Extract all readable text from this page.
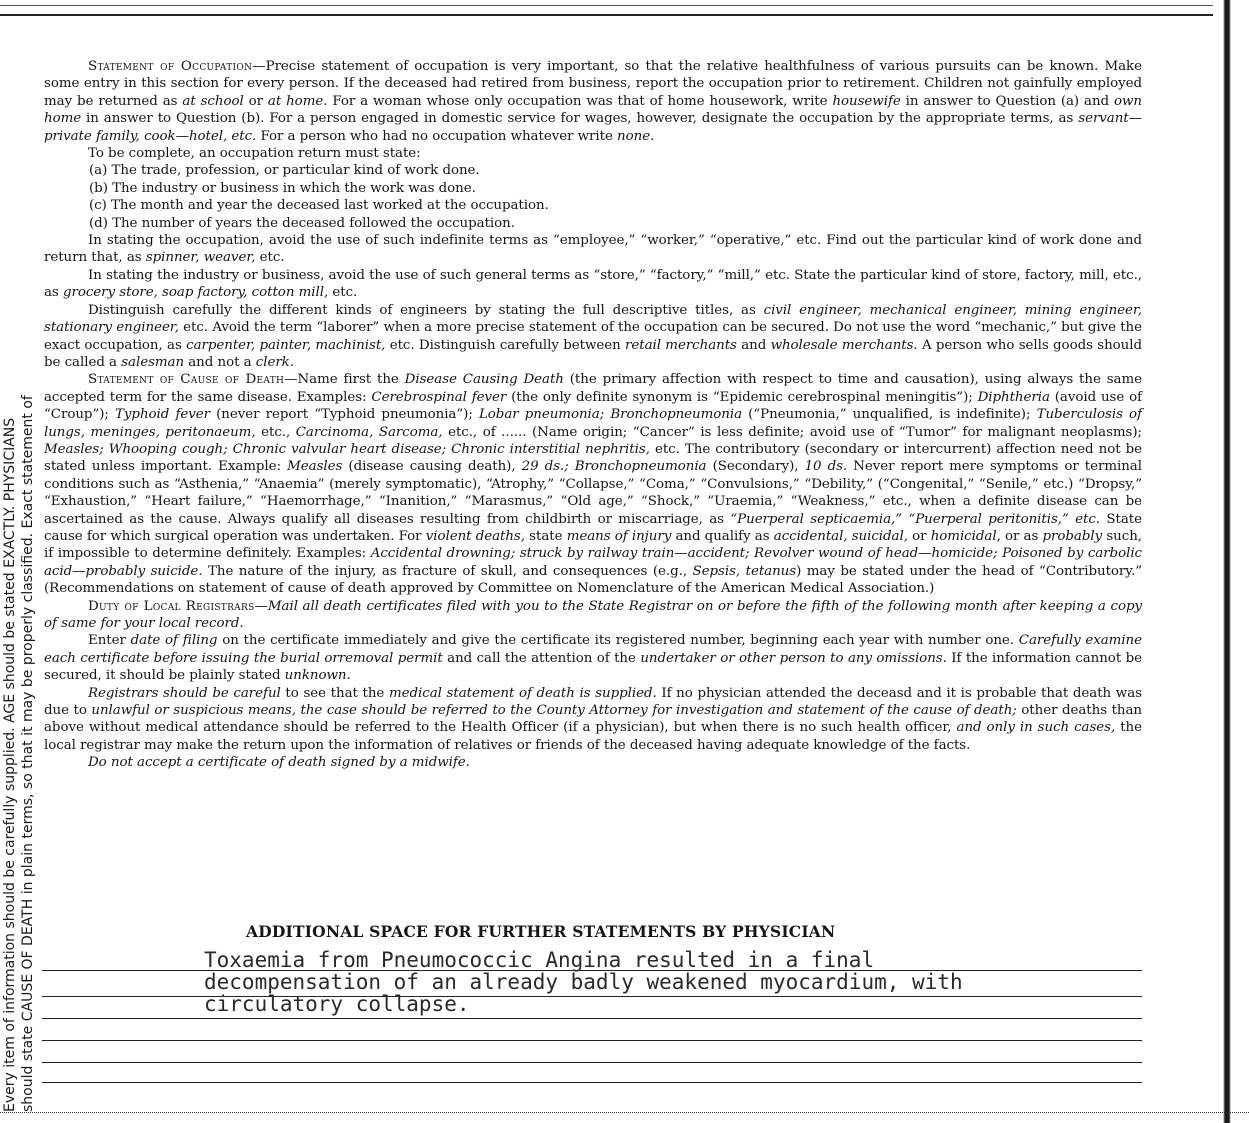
Every item of information should be carefully supplied. AGE should be stated EXACTLY. PHYSICIANS should state CAUSE OF DEATH in plain terms, so that it may be properly classified. Exact statement of

Statement of Occupation—Precise statement of occupation is very important, so that the relative healthfulness of various pursuits can be known. Make some entry in this section for every person. If the deceased had retired from business, report the occupation prior to retirement. Children not gainfully employed may be returned as at school or at home. For a woman whose only occupation was that of home housework, write housewife in answer to Question (a) and own home in answer to Question (b). For a person engaged in domestic service for wages, however, designate the occupation by the appropriate terms, as servant—private family, cook—hotel, etc. For a person who had no occupation whatever write none.

To be complete, an occupation return must state:

(a) The trade, profession, or particular kind of work done.
(b) The industry or business in which the work was done.
(c) The month and year the deceased last worked at the occupation.
(d) The number of years the deceased followed the occupation.

In stating the occupation, avoid the use of such indefinite terms as “employee,” “worker,” “operative,” etc. Find out the particular kind of work done and return that, as spinner, weaver, etc.

In stating the industry or business, avoid the use of such general terms as “store,” “factory,” “mill,” etc. State the particular kind of store, factory, mill, etc., as grocery store, soap factory, cotton mill, etc.

Distinguish carefully the different kinds of engineers by stating the full descriptive titles, as civil engineer, mechanical engineer, mining engineer, stationary engineer, etc. Avoid the term “laborer” when a more precise statement of the occupation can be secured. Do not use the word “mechanic,” but give the exact occupation, as carpenter, painter, machinist, etc. Distinguish carefully between retail merchants and wholesale merchants. A person who sells goods should be called a salesman and not a clerk.

Statement of Cause of Death—Name first the Disease Causing Death (the primary affection with respect to time and causation), using always the same accepted term for the same disease. Examples: Cerebrospinal fever (the only definite synonym is “Epidemic cerebrospinal meningitis”); Diphtheria (avoid use of “Croup”); Typhoid fever (never report “Typhoid pneumonia”); Lobar pneumonia; Bronchopneumonia (“Pneumonia,” unqualified, is indefinite); Tuberculosis of lungs, meninges, peritonaeum, etc., Carcinoma, Sarcoma, etc., of ...... (Name origin; “Cancer” is less definite; avoid use of “Tumor” for malignant neoplasms); Measles; Whooping cough; Chronic valvular heart disease; Chronic interstitial nephritis, etc. The contributory (secondary or intercurrent) affection need not be stated unless important. Example: Measles (disease causing death), 29 ds.; Bronchopneumonia (Secondary), 10 ds. Never report mere symptoms or terminal conditions such as “Asthenia,” “Anaemia” (merely symptomatic), “Atrophy,” “Collapse,” “Coma,” “Convulsions,” “Debility,” (“Congenital,” “Senile,” etc.) “Dropsy,” “Exhaustion,” “Heart failure,” “Haemorrhage,” “Inanition,” “Marasmus,” “Old age,” “Shock,” “Uraemia,” “Weakness,” etc., when a definite disease can be ascertained as the cause. Always qualify all diseases resulting from childbirth or miscarriage, as “Puerperal septicaemia,” “Puerperal peritonitis,” etc. State cause for which surgical operation was undertaken. For violent deaths, state means of injury and qualify as accidental, suicidal, or homicidal, or as probably such, if impossible to determine definitely. Examples: Accidental drowning; struck by railway train—accident; Revolver wound of head—homicide; Poisoned by carbolic acid—probably suicide. The nature of the injury, as fracture of skull, and consequences (e.g., Sepsis, tetanus) may be stated under the head of “Contributory.” (Recommendations on statement of cause of death approved by Committee on Nomenclature of the American Medical Association.)

Duty of Local Registrars—Mail all death certificates filed with you to the State Registrar on or before the fifth of the following month after keeping a copy of same for your local record.

Enter date of filing on the certificate immediately and give the certificate its registered number, beginning each year with number one. Carefully examine each certificate before issuing the burial orremoval permit and call the attention of the undertaker or other person to any omissions. If the information cannot be secured, it should be plainly stated unknown.

Registrars should be careful to see that the medical statement of death is supplied. If no physician attended the deceasd and it is probable that death was due to unlawful or suspicious means, the case should be referred to the County Attorney for investigation and statement of the cause of death; other deaths than above without medical attendance should be referred to the Health Officer (if a physician), but when there is no such health officer, and only in such cases, the local registrar may make the return upon the information of relatives or friends of the deceased having adequate knowledge of the facts.

Do not accept a certificate of death signed by a midwife.

ADDITIONAL SPACE FOR FURTHER STATEMENTS BY PHYSICIAN
Toxaemia from Pneumococcic Angina resulted in a final
decompensation of an already badly weakened myocardium, with
circulatory collapse.
